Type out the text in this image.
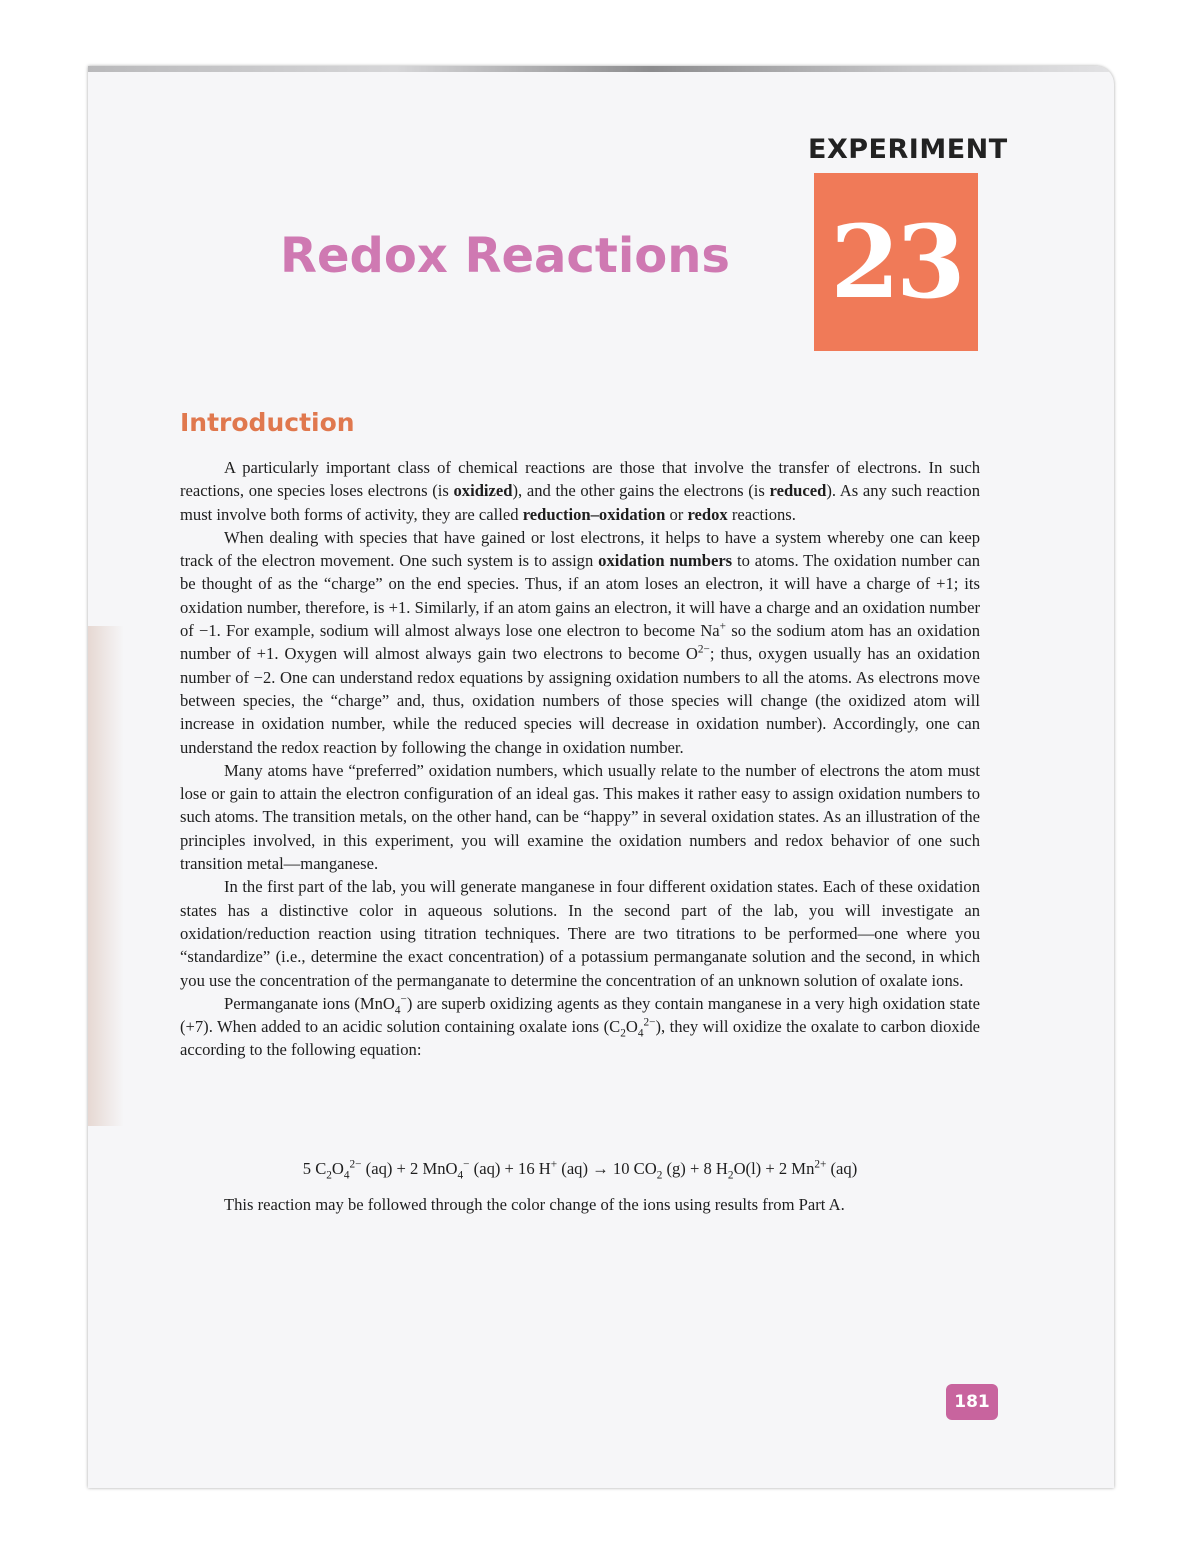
EXPERIMENT
23
Redox Reactions
Introduction

A particularly important class of chemical reactions are those that involve the transfer of electrons. In such reactions, one species loses electrons (is oxidized), and the other gains the electrons (is reduced). As any such reaction must involve both forms of activity, they are called reduction–oxidation or redox reactions.

When dealing with species that have gained or lost electrons, it helps to have a system whereby one can keep track of the electron movement. One such system is to assign oxidation numbers to atoms. The oxidation number can be thought of as the “charge” on the end species. Thus, if an atom loses an electron, it will have a charge of +1; its oxidation number, therefore, is +1. Similarly, if an atom gains an electron, it will have a charge and an oxidation number of −1. For example, sodium will almost always lose one electron to become Na+ so the sodium atom has an oxidation number of +1. Oxygen will almost always gain two electrons to become $O^{2-}$; thus, oxygen usually has an oxidation number of −2. One can understand redox equations by assigning oxidation numbers to all the atoms. As electrons move between species, the “charge” and, thus, oxidation numbers of those species will change (the oxidized atom will increase in oxidation number, while the reduced species will decrease in oxidation number). Accordingly, one can understand the redox reaction by following the change in oxidation number.

Many atoms have “preferred” oxidation numbers, which usually relate to the number of electrons the atom must lose or gain to attain the electron configuration of an ideal gas. This makes it rather easy to assign oxidation numbers to such atoms. The transition metals, on the other hand, can be “happy” in several oxidation states. As an illustration of the principles involved, in this experiment, you will examine the oxidation numbers and redox behavior of one such transition metal—manganese.

In the first part of the lab, you will generate manganese in four different oxidation states. Each of these oxidation states has a distinctive color in aqueous solutions. In the second part of the lab, you will investigate an oxidation/reduction reaction using titration techniques. There are two titrations to be performed—one where you “standardize” (i.e., determine the exact concentration) of a potassium permanganate solution and the second, in which you use the concentration of the permanganate to determine the concentration of an unknown solution of oxalate ions.

Permanganate ions (MnO$_4$−) are superb oxidizing agents as they contain manganese in a very high oxidation state (+7). When added to an acidic solution containing oxalate ions $(C_2O_4^{2-})$, they will oxidize the oxalate to carbon dioxide according to the following equation:

5 $C_2O_4^{2-}$ (aq) + 2 MnO$_4$− (aq) + 16 H+ (aq) → 10 $CO_2$ (g) + 8 $H_2O(l) + 2$ $Mn^{2+}$ (aq)
This reaction may be followed through the color change of the ions using results from Part A.
181
